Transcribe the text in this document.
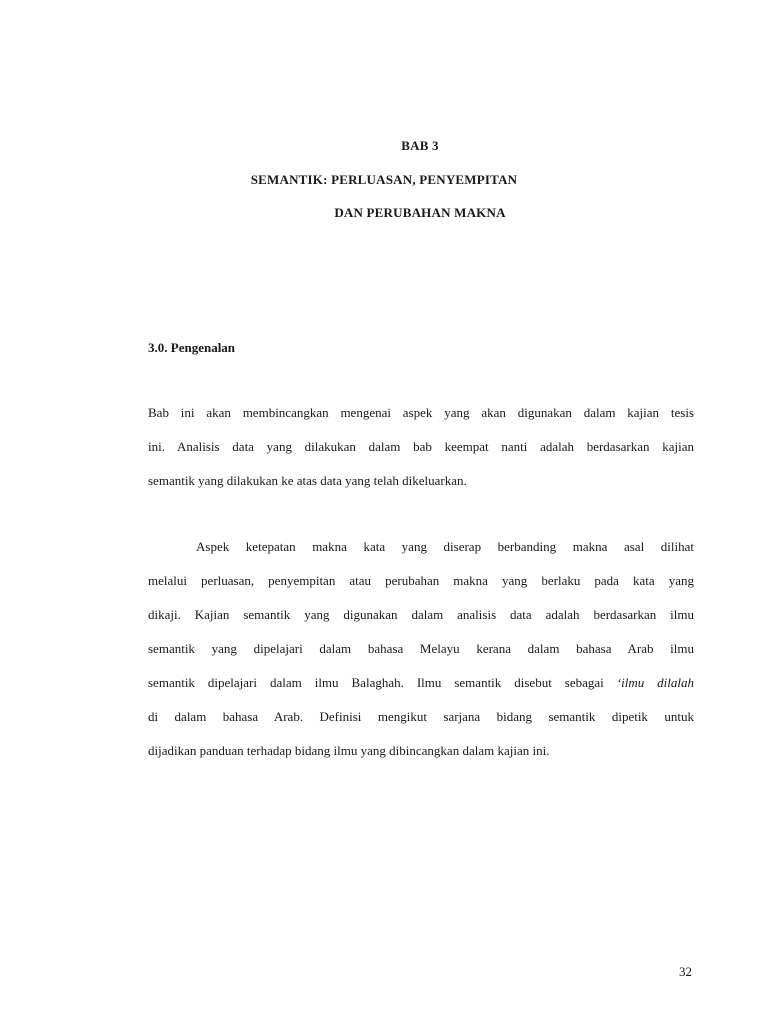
BAB 3

SEMANTIK: PERLUASAN, PENYEMPITAN

DAN PERUBAHAN MAKNA

3.0. Pengenalan

Bab ini akan membincangkan mengenai aspek yang akan digunakan dalam kajian tesis
ini. Analisis data yang dilakukan dalam bab keempat nanti adalah berdasarkan kajian
semantik yang dilakukan ke atas data yang telah dikeluarkan.
Aspek ketepatan makna kata yang diserap berbanding makna asal dilihat
melalui perluasan, penyempitan atau perubahan makna yang berlaku pada kata yang
dikaji. Kajian semantik yang digunakan dalam analisis data adalah berdasarkan ilmu
semantik yang dipelajari dalam bahasa Melayu kerana dalam bahasa Arab ilmu
semantik dipelajari dalam ilmu Balaghah. Ilmu semantik disebut sebagai ‘ilmu dilalah
di dalam bahasa Arab. Definisi mengikut sarjana bidang semantik dipetik untuk
dijadikan panduan terhadap bidang ilmu yang dibincangkan dalam kajian ini.

32
